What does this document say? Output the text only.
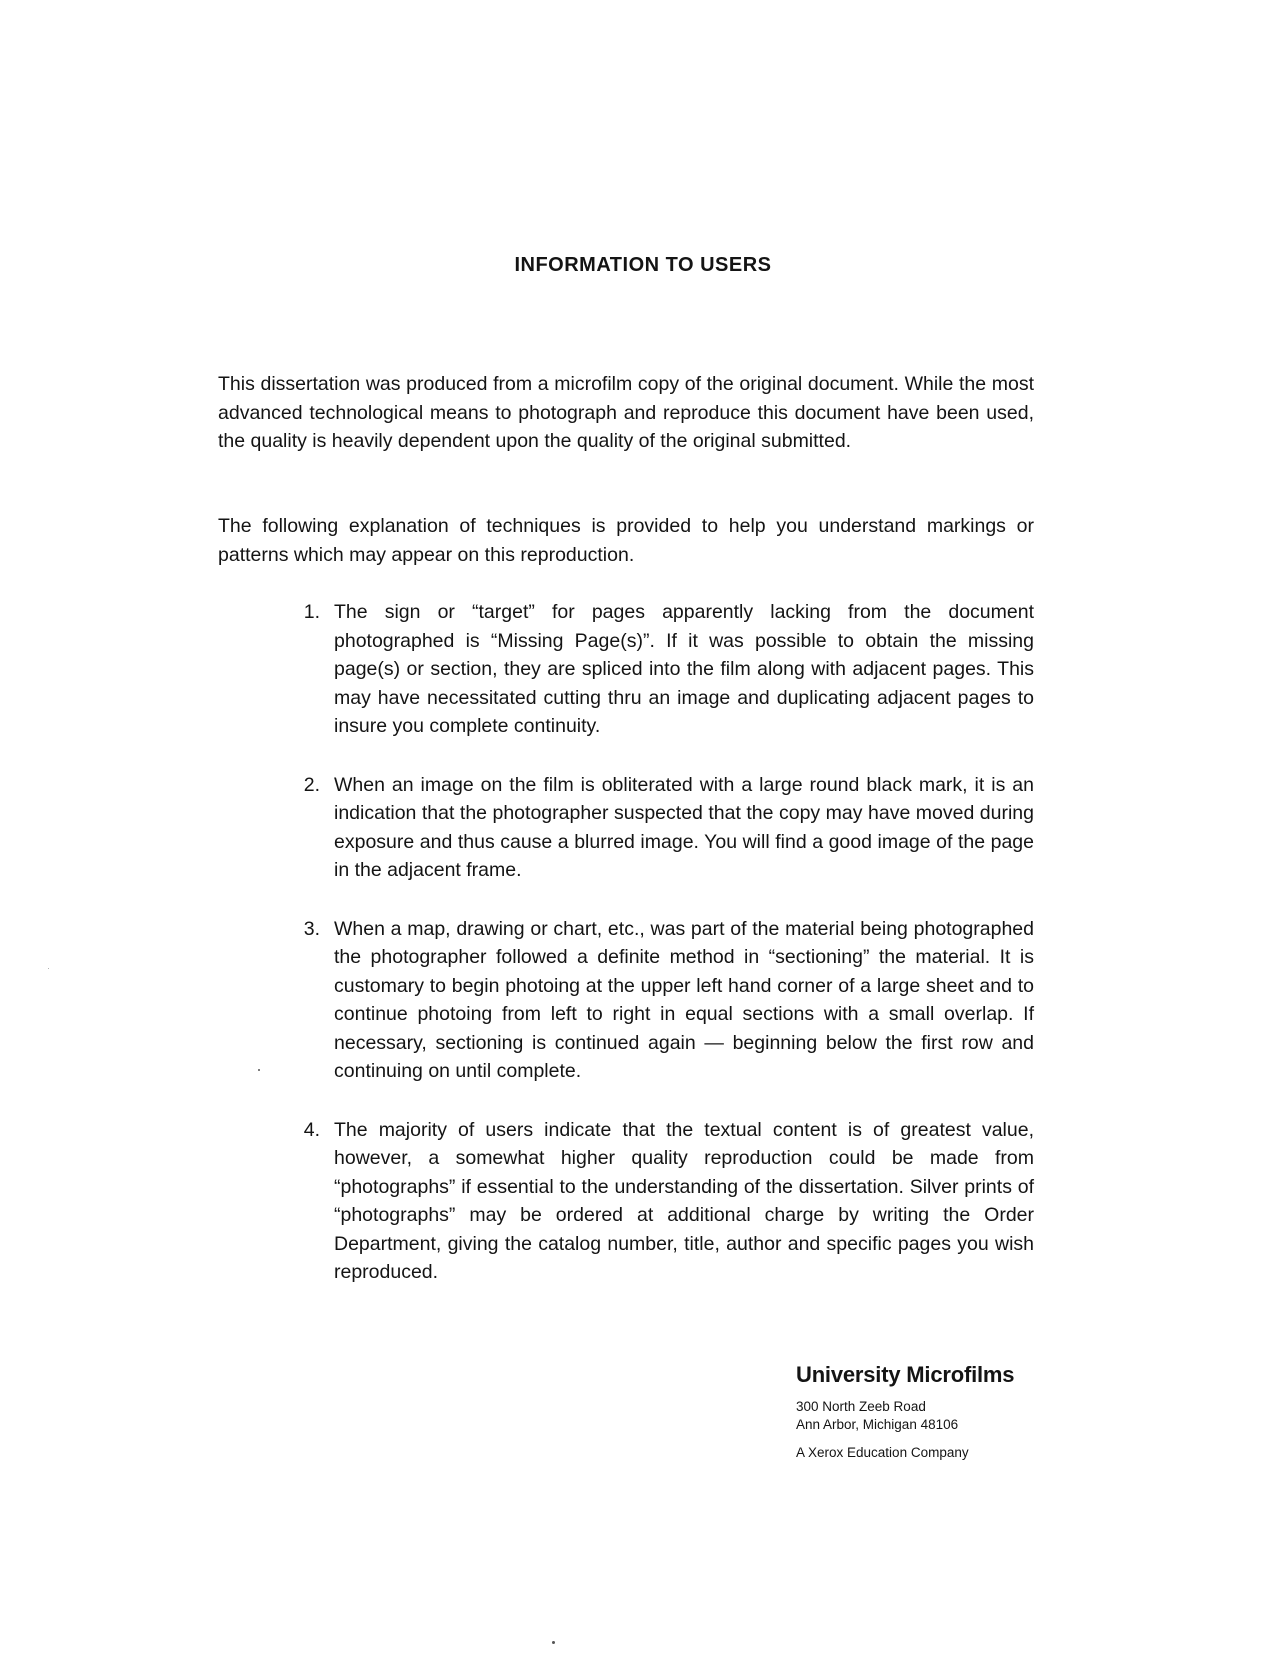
INFORMATION TO USERS
This dissertation was produced from a microfilm copy of the original document. While the most advanced technological means to photograph and reproduce this document have been used, the quality is heavily dependent upon the quality of the original submitted.
The following explanation of techniques is provided to help you understand markings or patterns which may appear on this reproduction.
1. The sign or “target” for pages apparently lacking from the document photographed is “Missing Page(s)”. If it was possible to obtain the missing page(s) or section, they are spliced into the film along with adjacent pages. This may have necessitated cutting thru an image and duplicating adjacent pages to insure you complete continuity.
2. When an image on the film is obliterated with a large round black mark, it is an indication that the photographer suspected that the copy may have moved during exposure and thus cause a blurred image. You will find a good image of the page in the adjacent frame.
3. When a map, drawing or chart, etc., was part of the material being photographed the photographer followed a definite method in “sectioning” the material. It is customary to begin photoing at the upper left hand corner of a large sheet and to continue photoing from left to right in equal sections with a small overlap. If necessary, sectioning is continued again — beginning below the first row and continuing on until complete.
4. The majority of users indicate that the textual content is of greatest value, however, a somewhat higher quality reproduction could be made from “photographs” if essential to the understanding of the dissertation. Silver prints of “photographs” may be ordered at additional charge by writing the Order Department, giving the catalog number, title, author and specific pages you wish reproduced.
University Microfilms
300 North Zeeb Road
Ann Arbor, Michigan 48106
A Xerox Education Company
